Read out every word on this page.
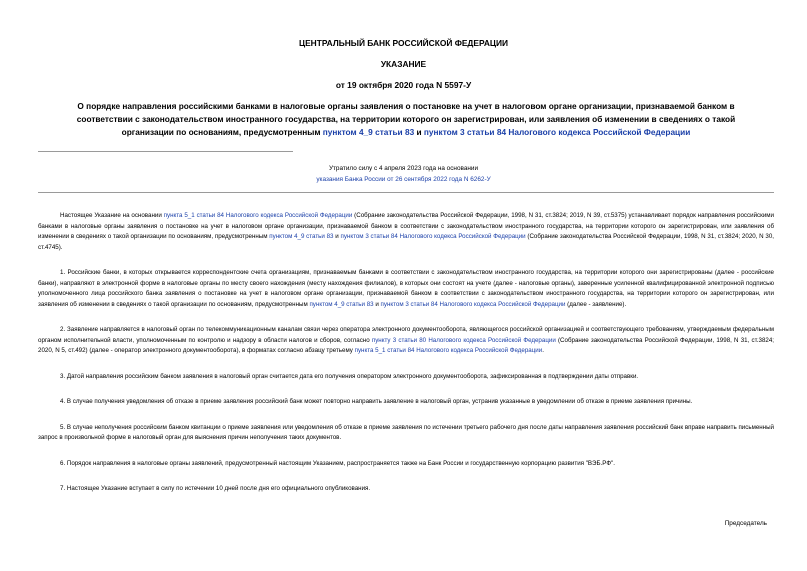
ЦЕНТРАЛЬНЫЙ БАНК РОССИЙСКОЙ ФЕДЕРАЦИИ
УКАЗАНИЕ
от 19 октября 2020 года N 5597-У
О порядке направления российскими банками в налоговые органы заявления о постановке на учет в налоговом органе организации, признаваемой банком в соответствии с законодательством иностранного государства, на территории которого он зарегистрирован, или заявления об изменении в сведениях о такой организации по основаниям, предусмотренным пунктом 4_9 статьи 83 и пунктом 3 статьи 84 Налогового кодекса Российской Федерации
Утратило силу с 4 апреля 2023 года на основании
указания Банка России от 26 сентября 2022 года N 6262-У

Настоящее Указание на основании пункта 5_1 статьи 84 Налогового кодекса Российской Федерации (Собрание законодательства Российской Федерации, 1998, N 31, ст.3824; 2019, N 39, ст.5375) устанавливает порядок направления российскими банками в налоговые органы заявления о постановке на учет в налоговом органе организации, признаваемой банком в соответствии с законодательством иностранного государства, на территории которого он зарегистрирован, или заявления об изменении в сведениях о такой организации по основаниям, предусмотренным пунктом 4_9 статьи 83 и пунктом 3 статьи 84 Налогового кодекса Российской Федерации (Собрание законодательства Российской Федерации, 1998, N 31, ст.3824; 2020, N 30, ст.4745).

1. Российские банки, в которых открывается корреспондентские счета организациям, признаваемым банками в соответствии с законодательством иностранного государства, на территории которого они зарегистрированы (далее - российские банки), направляют в электронной форме в налоговые органы по месту своего нахождения (месту нахождения филиалов), в которых они состоят на учете (далее - налоговые органы), заверенные усиленной квалифицированной электронной подписью уполномоченного лица российского банка заявления о постановке на учет в налоговом органе организации, признаваемой банком в соответствии с законодательством иностранного государства, на территории которого он зарегистрирован, или заявления об изменении в сведениях о такой организации по основаниям, предусмотренным пунктом 4_9 статьи 83 и пунктом 3 статьи 84 Налогового кодекса Российской Федерации (далее - заявление).

2. Заявление направляется в налоговый орган по телекоммуникационным каналам связи через оператора электронного документооборота, являющегося российской организацией и соответствующего требованиям, утверждаемым федеральным органом исполнительной власти, уполномоченным по контролю и надзору в области налогов и сборов, согласно пункту 3 статьи 80 Налогового кодекса Российской Федерации (Собрание законодательства Российской Федерации, 1998, N 31, ст.3824; 2020, N 5, ст.492) (далее - оператор электронного документооборота), в форматах согласно абзацу третьему пункта 5_1 статьи 84 Налогового кодекса Российской Федерации.

3. Датой направления российским банком заявления в налоговый орган считается дата его получения оператором электронного документооборота, зафиксированная в подтверждении даты отправки.

4. В случае получения уведомления об отказе в приеме заявления российский банк может повторно направить заявление в налоговый орган, устранив указанные в уведомлении об отказе в приеме заявления причины.

5. В случае неполучения российским банком квитанции о приеме заявления или уведомления об отказе в приеме заявления по истечении третьего рабочего дня после даты направления заявления российский банк вправе направить письменный запрос в произвольной форме в налоговый орган для выяснения причин неполучения таких документов.

6. Порядок направления в налоговые органы заявлений, предусмотренный настоящим Указанием, распространяется также на Банк России и государственную корпорацию развития "ВЭБ.РФ".

7. Настоящее Указание вступает в силу по истечении 10 дней после дня его официального опубликования.

Председатель
